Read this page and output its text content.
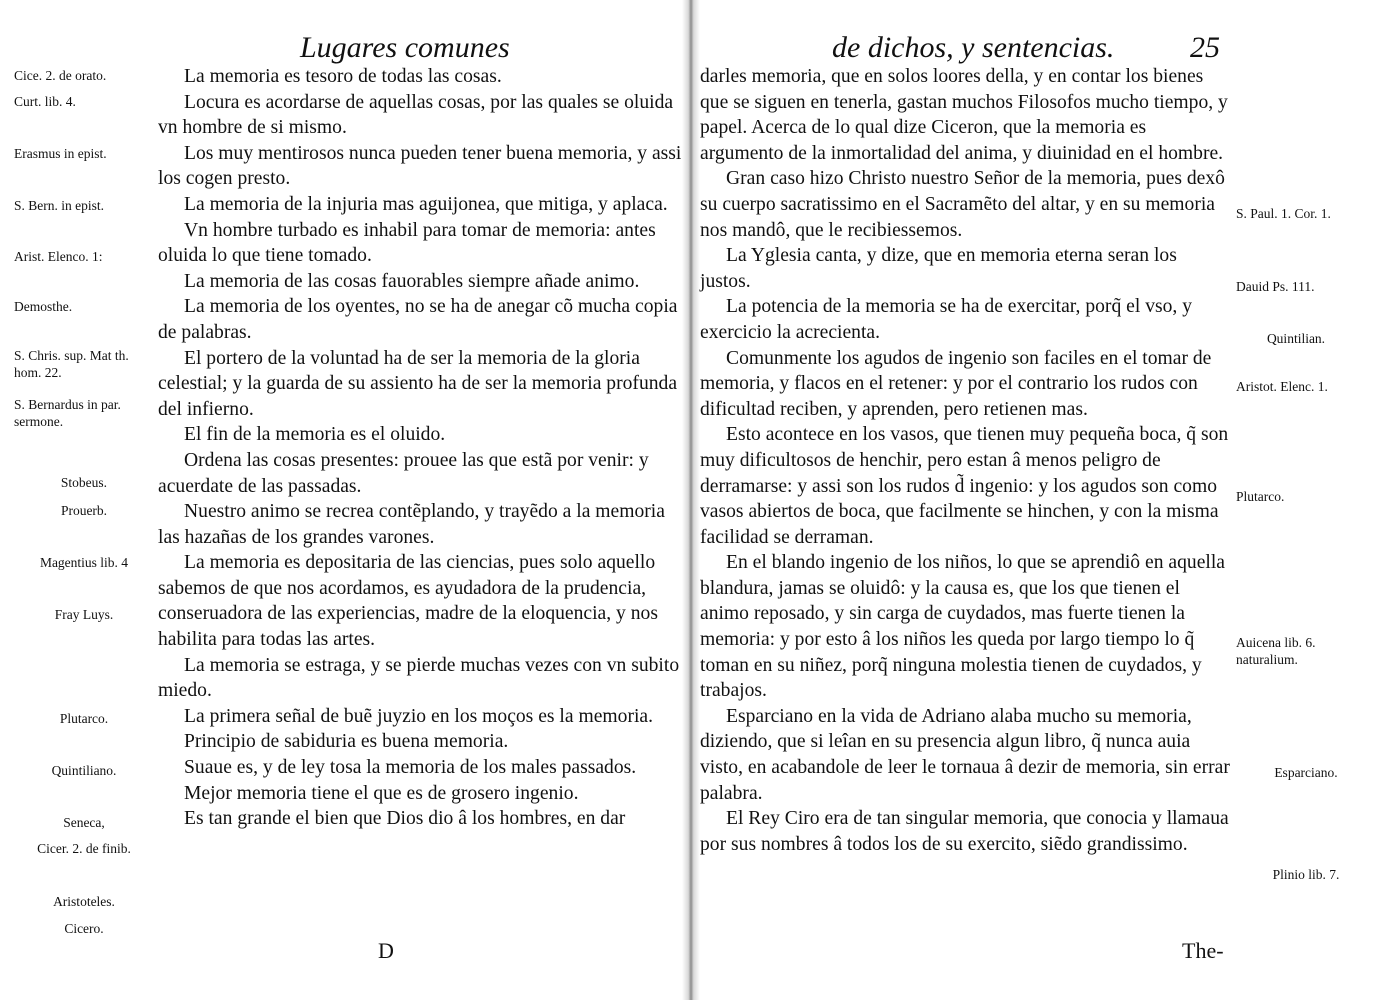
Lugares comunes
Cice. 2. de orato.
Curt. lib. 4.
Erasmus in epist.
S. Bern. in epist.
Arist. Elenco. 1:
Demosthe.
S. Chris. sup. Mat th. hom. 22.
S. Bernardus in par. sermone.
Stobeus.
Prouerb.
Magentius lib. 4
Fray Luys.
Plutarco.
Quintiliano.
Seneca,
Cicer. 2. de finib.
Aristoteles.
Cicero.

La memoria es tesoro de todas las cosas.

Locura es acordarse de aquellas cosas, por las quales se oluida vn hombre de si mismo.

Los muy mentirosos nunca pueden tener buena memoria, y assi los cogen presto.

La memoria de la injuria mas aguijonea, que mitiga, y aplaca.

Vn hombre turbado es inhabil para tomar de memoria: antes oluida lo que tiene tomado.

La memoria de las cosas fauorables siempre añade animo.

La memoria de los oyentes, no se ha de anegar cõ mucha copia de palabras.

El portero de la voluntad ha de ser la memoria de la gloria celestial; y la guarda de su assiento ha de ser la memoria profunda del infierno.

El fin de la memoria es el oluido.

Ordena las cosas presentes: prouee las que estã por venir: y acuerdate de las passadas.

Nuestro animo se recrea contẽplando, y trayẽdo a la memoria las hazañas de los grandes varones.

La memoria es depositaria de las ciencias, pues solo aquello sabemos de que nos acordamos, es ayudadora de la prudencia, conseruadora de las experiencias, madre de la eloquencia, y nos habilita para todas las artes.

La memoria se estraga, y se pierde muchas vezes con vn subito miedo.

La primera señal de buẽ juyzio en los moços es la memoria.

Principio de sabiduria es buena memoria.

Suaue es, y de ley tosa la memoria de los males passados.

Mejor memoria tiene el que es de grosero ingenio.

Es tan grande el bien que Dios dio â los hombres, en dar

D
de dichos, y sentencias.	25
S. Paul. 1. Cor. 1.
Dauid Ps. 111.
Quintilian.
Aristot. Elenc. 1.
Plutarco.
Auicena lib. 6. naturalium.
Esparciano.
Plinio lib. 7.

darles memoria, que en solos loores della, y en contar los bienes que se siguen en tenerla, gastan muchos Filosofos mucho tiempo, y papel. Acerca de lo qual dize Ciceron, que la memoria es argumento de la inmortalidad del anima, y diuinidad en el hombre.

Gran caso hizo Christo nuestro Señor de la memoria, pues dexô su cuerpo sacratissimo en el Sacramẽto del altar, y en su memoria nos mandô, que le recibiessemos.

La Yglesia canta, y dize, que en memoria eterna seran los justos.

La potencia de la memoria se ha de exercitar, porq̃ el vso, y exercicio la acrecienta.

Comunmente los agudos de ingenio son faciles en el tomar de memoria, y flacos en el retener: y por el contrario los rudos con dificultad reciben, y aprenden, pero retienen mas.

Esto acontece en los vasos, que tienen muy pequeña boca, q̃ son muy dificultosos de henchir, pero estan â menos peligro de derramarse: y assi son los rudos d̃ ingenio: y los agudos son como vasos abiertos de boca, que facilmente se hinchen, y con la misma facilidad se derraman.

En el blando ingenio de los niños, lo que se aprendiô en aquella blandura, jamas se oluidô: y la causa es, que los que tienen el animo reposado, y sin carga de cuydados, mas fuerte tienen la memoria: y por esto â los niños les queda por largo tiempo lo q̃ toman en su niñez, porq̃ ninguna molestia tienen de cuydados, y trabajos.

Esparciano en la vida de Adriano alaba mucho su memoria, diziendo, que si leîan en su presencia algun libro, q̃ nunca auia visto, en acabandole de leer le tornaua â dezir de memoria, sin errar palabra.

El Rey Ciro era de tan singular memoria, que conocia y llamaua por sus nombres â todos los de su exercito, siẽdo grandissimo.

The-
